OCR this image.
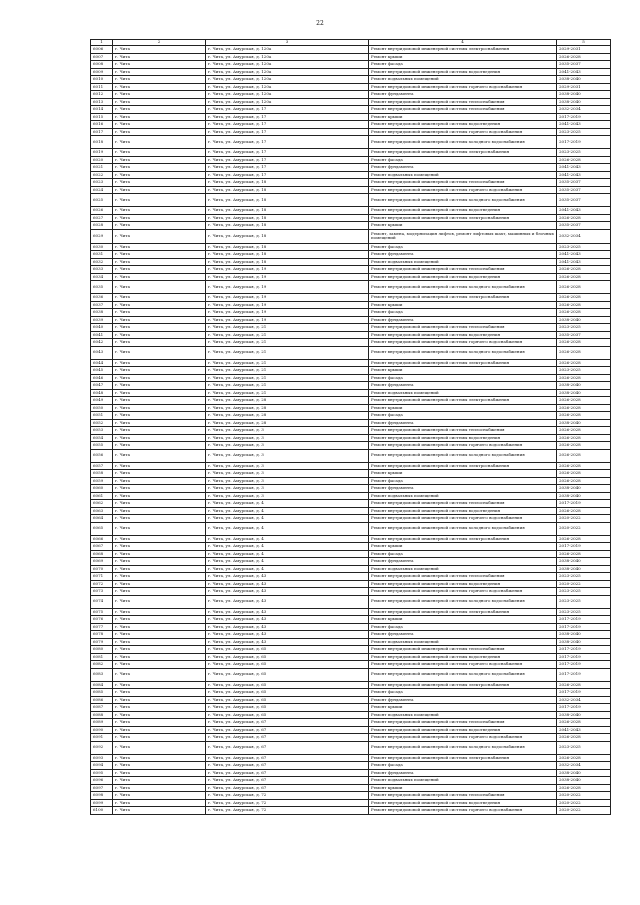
22
1	2	3	4	5
6006	г. Чита	г. Чита, ул. Амурская, д. 120а	Ремонт внутридомовой инженерной системы электроснабжения	2029-2031
6007	г. Чита	г. Чита, ул. Амурская, д. 120а	Ремонт крыши	2026-2028
6008	г. Чита	г. Чита, ул. Амурская, д. 120а	Ремонт фасада	2035-2037
6009	г. Чита	г. Чита, ул. Амурская, д. 120а	Ремонт внутридомовой инженерной системы водоотведения	2041-2043
6010	г. Чита	г. Чита, ул. Амурская, д. 120а	Ремонт подвальных помещений	2038-2040
6011	г. Чита	г. Чита, ул. Амурская, д. 120а	Ремонт внутридомовой инженерной системы горячего водоснабжения	2029-2031
6012	г. Чита	г. Чита, ул. Амурская, д. 120а	Ремонт фундамента	2038-2040
6013	г. Чита	г. Чита, ул. Амурская, д. 120а	Ремонт внутридомовой инженерной системы теплоснабжения	2038-2040
6014	г. Чита	г. Чита, ул. Амурская, д. 17	Ремонт внутридомовой инженерной системы теплоснабжения	2032-2034
6015	г. Чита	г. Чита, ул. Амурская, д. 17	Ремонт крыши	2017-2019
6016	г. Чита	г. Чита, ул. Амурская, д. 17	Ремонт внутридомовой инженерной системы водоотведения	2041-2043
6017	г. Чита	г. Чита, ул. Амурская, д. 17	Ремонт внутридомовой инженерной системы горячего водоснабжения	2023-2025
6018	г. Чита	г. Чита, ул. Амурская, д. 17	Ремонт внутридомовой инженерной системы холодного водоснабжения	2017-2019
6019	г. Чита	г. Чита, ул. Амурская, д. 17	Ремонт внутридомовой инженерной системы электроснабжения	2023-2025
6020	г. Чита	г. Чита, ул. Амурская, д. 17	Ремонт фасада	2026-2028
6021	г. Чита	г. Чита, ул. Амурская, д. 17	Ремонт фундамента	2041-2043
6022	г. Чита	г. Чита, ул. Амурская, д. 17	Ремонт подвальных помещений	2041-2043
6023	г. Чита	г. Чита, ул. Амурская, д. 18	Ремонт внутридомовой инженерной системы теплоснабжения	2035-2037
6024	г. Чита	г. Чита, ул. Амурская, д. 18	Ремонт внутридомовой инженерной системы горячего водоснабжения	2035-2037
6025	г. Чита	г. Чита, ул. Амурская, д. 18	Ремонт внутридомовой инженерной системы холодного водоснабжения	2035-2037
6026	г. Чита	г. Чита, ул. Амурская, д. 18	Ремонт внутридомовой инженерной системы водоотведения	2041-2043
6027	г. Чита	г. Чита, ул. Амурская, д. 18	Ремонт внутридомовой инженерной системы электроснабжения	2026-2028
6028	г. Чита	г. Чита, ул. Амурская, д. 18	Ремонт крыши	2035-2037
6029	г. Чита	г. Чита, ул. Амурская, д. 18	Ремонт, замена, модернизация лифтов, ремонт лифтовых шахт, машинных и блочных помещений	2032-2034
6030	г. Чита	г. Чита, ул. Амурская, д. 18	Ремонт фасада	2023-2025
6031	г. Чита	г. Чита, ул. Амурская, д. 18	Ремонт фундамента	2041-2043
6032	г. Чита	г. Чита, ул. Амурская, д. 18	Ремонт подвальных помещений	2041-2043
6033	г. Чита	г. Чита, ул. Амурская, д. 19	Ремонт внутридомовой инженерной системы теплоснабжения	2026-2028
6034	г. Чита	г. Чита, ул. Амурская, д. 19	Ремонт внутридомовой инженерной системы водоотведения	2026-2028
6035	г. Чита	г. Чита, ул. Амурская, д. 19	Ремонт внутридомовой инженерной системы холодного водоснабжения	2026-2028
6036	г. Чита	г. Чита, ул. Амурская, д. 19	Ремонт внутридомовой инженерной системы электроснабжения	2026-2028
6037	г. Чита	г. Чита, ул. Амурская, д. 19	Ремонт крыши	2026-2028
6038	г. Чита	г. Чита, ул. Амурская, д. 19	Ремонт фасада	2026-2028
6039	г. Чита	г. Чита, ул. Амурская, д. 19	Ремонт фундамента	2038-2040
6040	г. Чита	г. Чита, ул. Амурская, д. 21	Ремонт внутридомовой инженерной системы теплоснабжения	2023-2025
6041	г. Чита	г. Чита, ул. Амурская, д. 21	Ремонт внутридомовой инженерной системы водоотведения	2035-2037
6042	г. Чита	г. Чита, ул. Амурская, д. 21	Ремонт внутридомовой инженерной системы горячего водоснабжения	2026-2028
6043	г. Чита	г. Чита, ул. Амурская, д. 21	Ремонт внутридомовой инженерной системы холодного водоснабжения	2026-2028
6044	г. Чита	г. Чита, ул. Амурская, д. 21	Ремонт внутридомовой инженерной системы электроснабжения	2026-2028
6045	г. Чита	г. Чита, ул. Амурская, д. 21	Ремонт крыши	2023-2025
6046	г. Чита	г. Чита, ул. Амурская, д. 21	Ремонт фасада	2026-2028
6047	г. Чита	г. Чита, ул. Амурская, д. 21	Ремонт фундамента	2038-2040
6048	г. Чита	г. Чита, ул. Амурская, д. 21	Ремонт подвальных помещений	2038-2040
6049	г. Чита	г. Чита, ул. Амурская, д. 28	Ремонт внутридомовой инженерной системы электроснабжения	2026-2028
6050	г. Чита	г. Чита, ул. Амурская, д. 28	Ремонт крыши	2026-2028
6051	г. Чита	г. Чита, ул. Амурская, д. 28	Ремонт фасада	2026-2028
6052	г. Чита	г. Чита, ул. Амурская, д. 28	Ремонт фундамента	2038-2040
6053	г. Чита	г. Чита, ул. Амурская, д. 3	Ремонт внутридомовой инженерной системы теплоснабжения	2026-2028
6054	г. Чита	г. Чита, ул. Амурская, д. 3	Ремонт внутридомовой инженерной системы водоотведения	2026-2028
6055	г. Чита	г. Чита, ул. Амурская, д. 3	Ремонт внутридомовой инженерной системы горячего водоснабжения	2026-2028
6056	г. Чита	г. Чита, ул. Амурская, д. 3	Ремонт внутридомовой инженерной системы холодного водоснабжения	2026-2028
6057	г. Чита	г. Чита, ул. Амурская, д. 3	Ремонт внутридомовой инженерной системы электроснабжения	2026-2028
6058	г. Чита	г. Чита, ул. Амурская, д. 3	Ремонт крыши	2026-2028
6059	г. Чита	г. Чита, ул. Амурская, д. 3	Ремонт фасада	2026-2028
6060	г. Чита	г. Чита, ул. Амурская, д. 3	Ремонт фундамента	2038-2040
6061	г. Чита	г. Чита, ул. Амурская, д. 3	Ремонт подвальных помещений	2038-2040
6062	г. Чита	г. Чита, ул. Амурская, д. 4	Ремонт внутридомовой инженерной системы теплоснабжения	2017-2019
6063	г. Чита	г. Чита, ул. Амурская, д. 4	Ремонт внутридомовой инженерной системы водоотведения	2026-2028
6064	г. Чита	г. Чита, ул. Амурская, д. 4	Ремонт внутридомовой инженерной системы горячего водоснабжения	2020-2022
6065	г. Чита	г. Чита, ул. Амурская, д. 4	Ремонт внутридомовой инженерной системы холодного водоснабжения	2020-2022
6066	г. Чита	г. Чита, ул. Амурская, д. 4	Ремонт внутридомовой инженерной системы электроснабжения	2026-2028
6067	г. Чита	г. Чита, ул. Амурская, д. 4	Ремонт крыши	2017-2019
6068	г. Чита	г. Чита, ул. Амурская, д. 4	Ремонт фасада	2026-2028
6069	г. Чита	г. Чита, ул. Амурская, д. 4	Ремонт фундамента	2038-2040
6070	г. Чита	г. Чита, ул. Амурская, д. 4	Ремонт подвальных помещений	2038-2040
6071	г. Чита	г. Чита, ул. Амурская, д. 43	Ремонт внутридомовой инженерной системы теплоснабжения	2023-2025
6072	г. Чита	г. Чита, ул. Амурская, д. 43	Ремонт внутридомовой инженерной системы водоотведения	2020-2022
6073	г. Чита	г. Чита, ул. Амурская, д. 43	Ремонт внутридомовой инженерной системы горячего водоснабжения	2023-2025
6074	г. Чита	г. Чита, ул. Амурская, д. 43	Ремонт внутридомовой инженерной системы холодного водоснабжения	2023-2025
6075	г. Чита	г. Чита, ул. Амурская, д. 43	Ремонт внутридомовой инженерной системы электроснабжения	2023-2025
6076	г. Чита	г. Чита, ул. Амурская, д. 43	Ремонт крыши	2017-2019
6077	г. Чита	г. Чита, ул. Амурская, д. 43	Ремонт фасада	2017-2019
6078	г. Чита	г. Чита, ул. Амурская, д. 43	Ремонт фундамента	2038-2040
6079	г. Чита	г. Чита, ул. Амурская, д. 43	Ремонт подвальных помещений	2038-2040
6080	г. Чита	г. Чита, ул. Амурская, д. 65	Ремонт внутридомовой инженерной системы теплоснабжения	2017-2019
6081	г. Чита	г. Чита, ул. Амурская, д. 65	Ремонт внутридомовой инженерной системы водоотведения	2017-2019
6082	г. Чита	г. Чита, ул. Амурская, д. 65	Ремонт внутридомовой инженерной системы горячего водоснабжения	2017-2019
6083	г. Чита	г. Чита, ул. Амурская, д. 65	Ремонт внутридомовой инженерной системы холодного водоснабжения	2017-2019
6084	г. Чита	г. Чита, ул. Амурская, д. 65	Ремонт внутридомовой инженерной системы электроснабжения	2026-2028
6085	г. Чита	г. Чита, ул. Амурская, д. 65	Ремонт фасада	2017-2019
6086	г. Чита	г. Чита, ул. Амурская, д. 65	Ремонт фундамента	2032-2034
6087	г. Чита	г. Чита, ул. Амурская, д. 65	Ремонт крыши	2017-2019
6088	г. Чита	г. Чита, ул. Амурская, д. 65	Ремонт подвальных помещений	2038-2040
6089	г. Чита	г. Чита, ул. Амурская, д. 67	Ремонт внутридомовой инженерной системы теплоснабжения	2026-2028
6090	г. Чита	г. Чита, ул. Амурская, д. 67	Ремонт внутридомовой инженерной системы водоотведения	2041-2043
6091	г. Чита	г. Чита, ул. Амурская, д. 67	Ремонт внутридомовой инженерной системы горячего водоснабжения	2026-2028
6092	г. Чита	г. Чита, ул. Амурская, д. 67	Ремонт внутридомовой инженерной системы холодного водоснабжения	2023-2025
6093	г. Чита	г. Чита, ул. Амурская, д. 67	Ремонт внутридомовой инженерной системы электроснабжения	2026-2028
6094	г. Чита	г. Чита, ул. Амурская, д. 67	Ремонт фасада	2032-2034
6095	г. Чита	г. Чита, ул. Амурская, д. 67	Ремонт фундамента	2038-2040
6096	г. Чита	г. Чита, ул. Амурская, д. 67	Ремонт подвальных помещений	2038-2040
6097	г. Чита	г. Чита, ул. Амурская, д. 67	Ремонт крыши	2026-2028
6098	г. Чита	г. Чита, ул. Амурская, д. 72	Ремонт внутридомовой инженерной системы теплоснабжения	2020-2022
6099	г. Чита	г. Чита, ул. Амурская, д. 72	Ремонт внутридомовой инженерной системы водоотведения	2020-2022
6100	г. Чита	г. Чита, ул. Амурская, д. 72	Ремонт внутридомовой инженерной системы горячего водоснабжения	2020-2022
